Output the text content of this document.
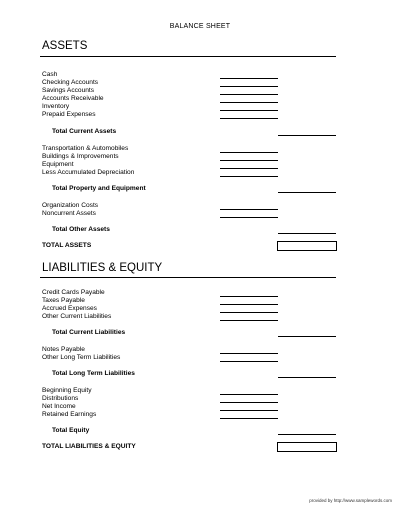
BALANCE SHEET
ASSETS
Cash
Checking Accounts
Savings Accounts
Accounts Receivable
Inventory
Prepaid Expenses
Total Current Assets
Transportation & Automobiles
Buildings & Improvements
Equipment
Less Accumulated Depreciation
Total Property and Equipment
Organization Costs
Noncurrent Assets
Total Other Assets
TOTAL ASSETS
LIABILITIES & EQUITY
Credit Cards Payable
Taxes Payable
Accrued Expenses
Other Current Liabilities
Total Current Liabilities
Notes Payable
Other Long Term Liabilities
Total Long Term Liabilities
Beginning Equity
Distributions
Net Income
Retained Earnings
Total Equity
TOTAL LIABILITIES & EQUITY
provided by http://www.samplewords.com
